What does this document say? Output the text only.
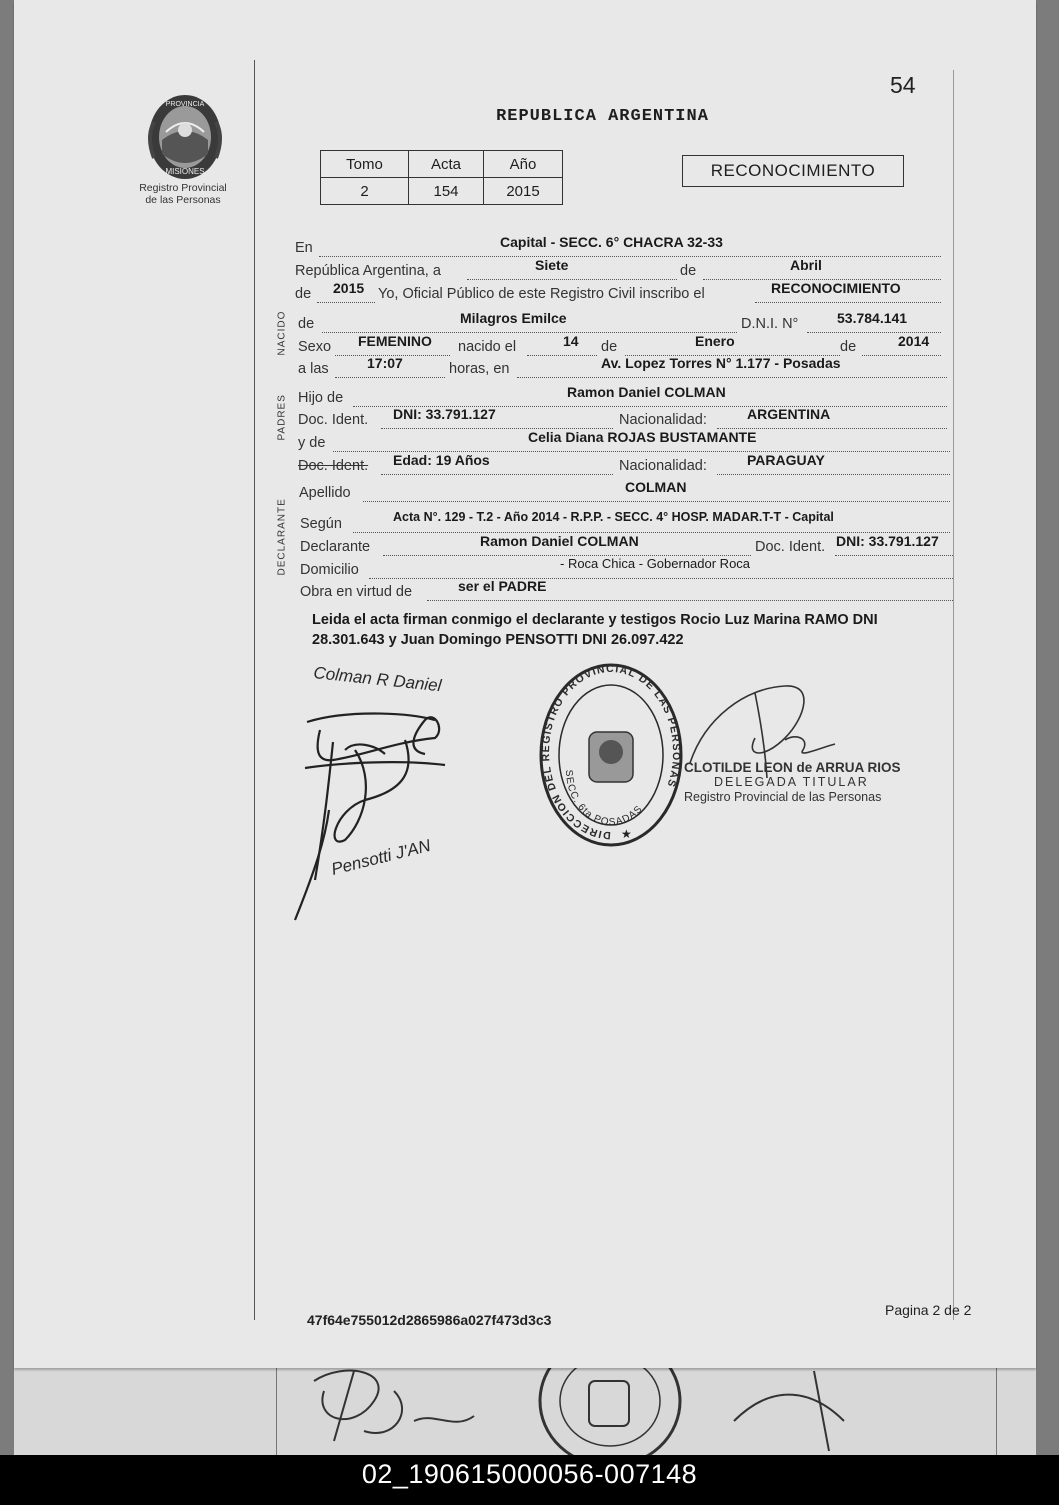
PROVINCIA
MISIONES
Registro Provincial
de las Personas
54
REPUBLICA ARGENTINA
Tomo	Acta	Año
2	154	2015
RECONOCIMIENTO
NACIDO
PADRES
En	Capital - SECC. 6° CHACRA 32-33
República Argentina, a	Siete	de	Abril
de 2015 Yo, Oficial Público de este Registro Civil inscribo el	RECONOCIMIENTO
de	Milagros Emilce	D.N.I. N°	53.784.141
Sexo FEMENINO nacido el	14 de	Enero	de	2014
a las	17:07	horas, en	Av. Lopez Torres N° 1.177 - Posadas
Hijo de	Ramon Daniel COLMAN
Doc. Ident. DNI: 33.791.127	Nacionalidad:	ARGENTINA
y de	Celia Diana ROJAS BUSTAMANTE
Doc. Ident. Edad: 19 Años	Nacionalidad:	PARAGUAY
Apellido	COLMAN
Según	Acta N°. 129 - T.2 - Año 2014 - R.P.P. - SECC. 4° HOSP. MADAR.T-T - Capital
Declarante	Ramon Daniel COLMAN	Doc. Ident. DNI: 33.791.127
Domicilio	- Roca Chica - Gobernador Roca
Obra en virtud de	ser el PADRE
Leida el acta firman conmigo el declarante y testigos Rocio Luz Marina RAMO DNI 28.301.643 y Juan Domingo PENSOTTI DNI 26.097.422
Colman R Daniel
Pensotti J'AN
DIRECCION DEL REGISTRO PROVINCIAL DE LAS PERSONAS
SECC. 6ta POSADAS
★
CLOTILDE LEON de ARRUA RIOS
DELEGADA TITULAR
Registro Provincial de las Personas
47f64e755012d2865986a027f473d3c3
Pagina 2 de 2
02_190615000056-007148
